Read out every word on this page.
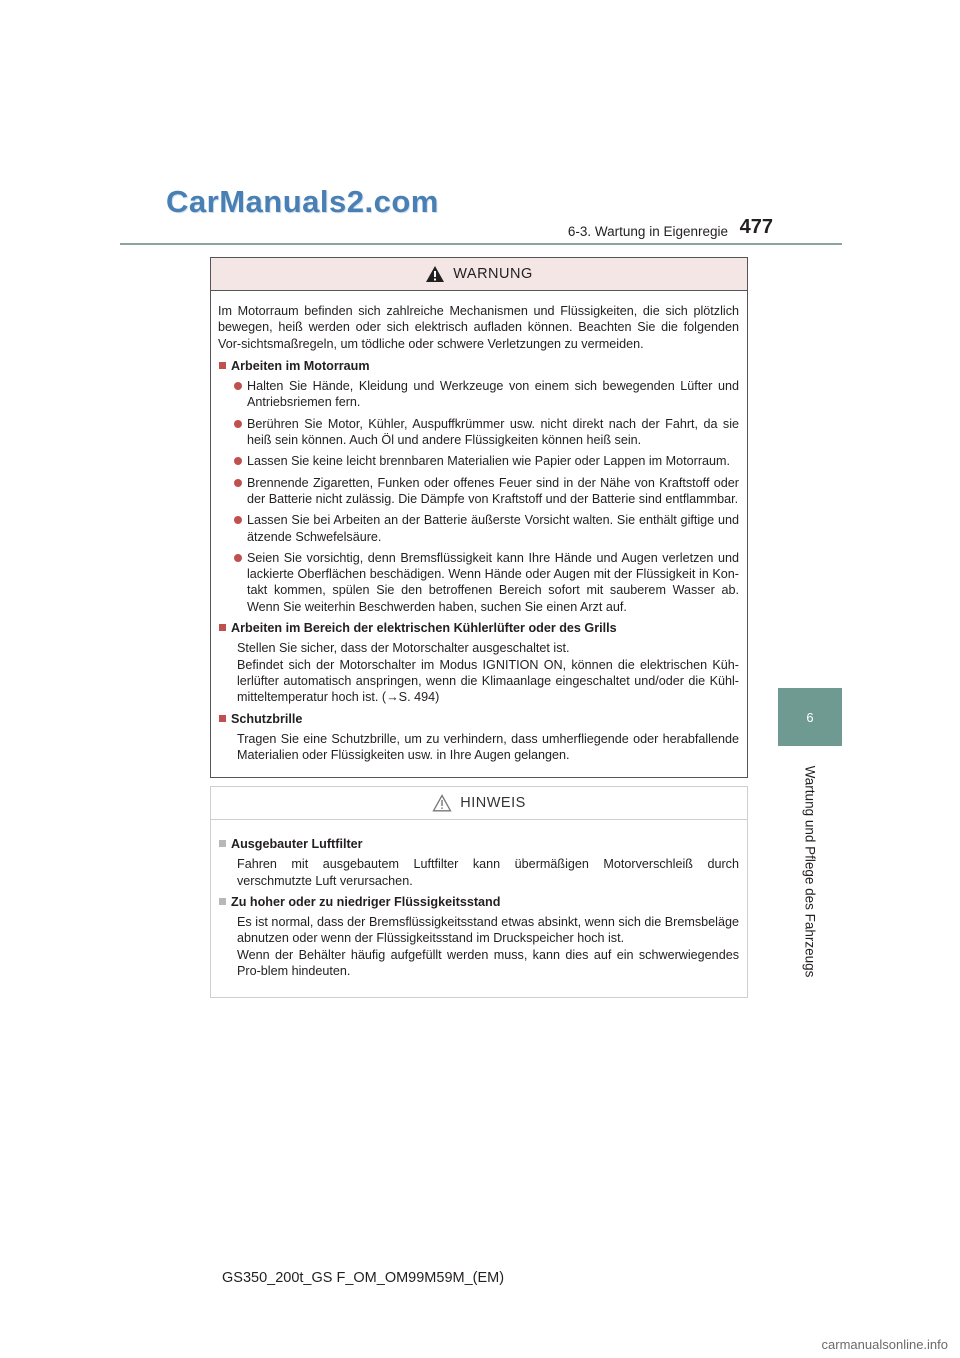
CarManuals2.com
6-3. Wartung in Eigenregie 477
6
Wartung und Pflege des Fahrzeugs
WARNUNG

Im Motorraum befinden sich zahlreiche Mechanismen und Flüssigkeiten, die sich plötzlich bewegen, heiß werden oder sich elektrisch aufladen können. Beachten Sie die folgenden Vor-sichtsmaßregeln, um tödliche oder schwere Verletzungen zu vermeiden.

Arbeiten im Motorraum
Halten Sie Hände, Kleidung und Werkzeuge von einem sich bewegenden Lüfter und Antriebsriemen fern.
Berühren Sie Motor, Kühler, Auspuffkrümmer usw. nicht direkt nach der Fahrt, da sie heiß sein können. Auch Öl und andere Flüssigkeiten können heiß sein.
Lassen Sie keine leicht brennbaren Materialien wie Papier oder Lappen im Motorraum.
Brennende Zigaretten, Funken oder offenes Feuer sind in der Nähe von Kraftstoff oder der Batterie nicht zulässig. Die Dämpfe von Kraftstoff und der Batterie sind entflammbar.
Lassen Sie bei Arbeiten an der Batterie äußerste Vorsicht walten. Sie enthält giftige und ätzende Schwefelsäure.
Seien Sie vorsichtig, denn Bremsflüssigkeit kann Ihre Hände und Augen verletzen und lackierte Oberflächen beschädigen. Wenn Hände oder Augen mit der Flüssigkeit in Kon-takt kommen, spülen Sie den betroffenen Bereich sofort mit sauberem Wasser ab. Wenn Sie weiterhin Beschwerden haben, suchen Sie einen Arzt auf.
Arbeiten im Bereich der elektrischen Kühlerlüfter oder des Grills
Stellen Sie sicher, dass der Motorschalter ausgeschaltet ist.
Befindet sich der Motorschalter im Modus IGNITION ON, können die elektrischen Küh-lerlüfter automatisch anspringen, wenn die Klimaanlage eingeschaltet und/oder die Kühl-mitteltemperatur hoch ist. (→S. 494)
Schutzbrille
Tragen Sie eine Schutzbrille, um zu verhindern, dass umherfliegende oder herabfallende Materialien oder Flüssigkeiten usw. in Ihre Augen gelangen.
HINWEIS
Ausgebauter Luftfilter
Fahren mit ausgebautem Luftfilter kann übermäßigen Motorverschleiß durch verschmutzte Luft verursachen.
Zu hoher oder zu niedriger Flüssigkeitsstand
Es ist normal, dass der Bremsflüssigkeitsstand etwas absinkt, wenn sich die Bremsbeläge abnutzen oder wenn der Flüssigkeitsstand im Druckspeicher hoch ist.
Wenn der Behälter häufig aufgefüllt werden muss, kann dies auf ein schwerwiegendes Pro-blem hindeuten.
GS350_200t_GS F_OM_OM99M59M_(EM)
carmanualsonline.info
